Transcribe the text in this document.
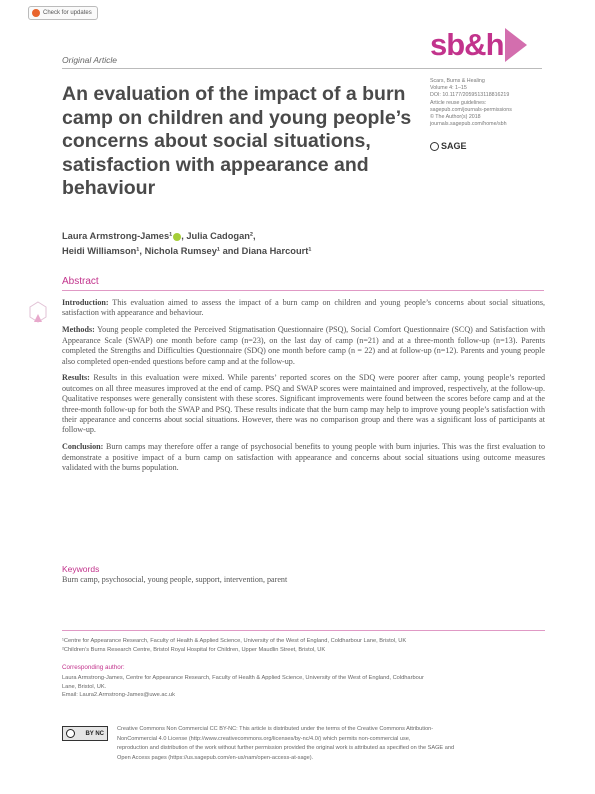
Check for updates
Original Article	sb&h
Scars, Burns & Healing
Volume 4: 1–15
DOI: 10.1177/2059513118816219
Article reuse guidelines:
sagepub.com/journals-permissions
© The Author(s) 2018
journals.sagepub.com/home/sbh
SAGE
An evaluation of the impact of a burn camp on children and young people’s concerns about social situations, satisfaction with appearance and behaviour
Laura Armstrong-James¹ , Julia Cadogan²,
Heidi Williamson¹, Nichola Rumsey¹ and Diana Harcourt¹
Abstract

Introduction: This evaluation aimed to assess the impact of a burn camp on children and young people’s concerns about social situations, satisfaction with appearance and behaviour.

Methods: Young people completed the Perceived Stigmatisation Questionnaire (PSQ), Social Comfort Questionnaire (SCQ) and Satisfaction with Appearance Scale (SWAP) one month before camp (n=23), on the last day of camp (n=21) and at a three-month follow-up (n=13). Parents completed the Strengths and Difficulties Questionnaire (SDQ) one month before camp (n = 22) and at follow-up (n=12). Parents and young people also completed open-ended questions before camp and at the follow-up.

Results: Results in this evaluation were mixed. While parents’ reported scores on the SDQ were poorer after camp, young people’s reported outcomes on all three measures improved at the end of camp. PSQ and SWAP scores were maintained and improved, respectively, at the follow-up. Qualitative responses were generally consistent with these scores. Significant improvements were found between the scores before camp and at the three-month follow-up for both the SWAP and PSQ. These results indicate that the burn camp may help to improve young people’s satisfaction with their appearance and concerns about social situations. However, there was no comparison group and there was a significant loss of participants at follow-up.

Conclusion: Burn camps may therefore offer a range of psychosocial benefits to young people with burn injuries. This was the first evaluation to demonstrate a positive impact of a burn camp on satisfaction with appearance and concerns about social situations using outcome measures validated with the burns population.

Keywords
Burn camp, psychosocial, young people, support, intervention, parent
¹Centre for Appearance Research, Faculty of Health & Applied Science, University of the West of England, Coldharbour Lane, Bristol, UK
²Children’s Burns Research Centre, Bristol Royal Hospital for Children, Upper Maudlin Street, Bristol, UK
Corresponding author:
Laura Armstrong-James, Centre for Appearance Research, Faculty of Health & Applied Science, University of the West of England, Coldharbour
Lane, Bristol, UK.
Email: Laura2.Armstrong-James@uwe.ac.uk
BY NC
Creative Commons Non Commercial CC BY-NC: This article is distributed under the terms of the Creative Commons Attribution-
NonCommercial 4.0 License (http://www.creativecommons.org/licenses/by-nc/4.0/) which permits non-commercial use,
reproduction and distribution of the work without further permission provided the original work is attributed as specified on the SAGE and
Open Access pages (https://us.sagepub.com/en-us/nam/open-access-at-sage).
